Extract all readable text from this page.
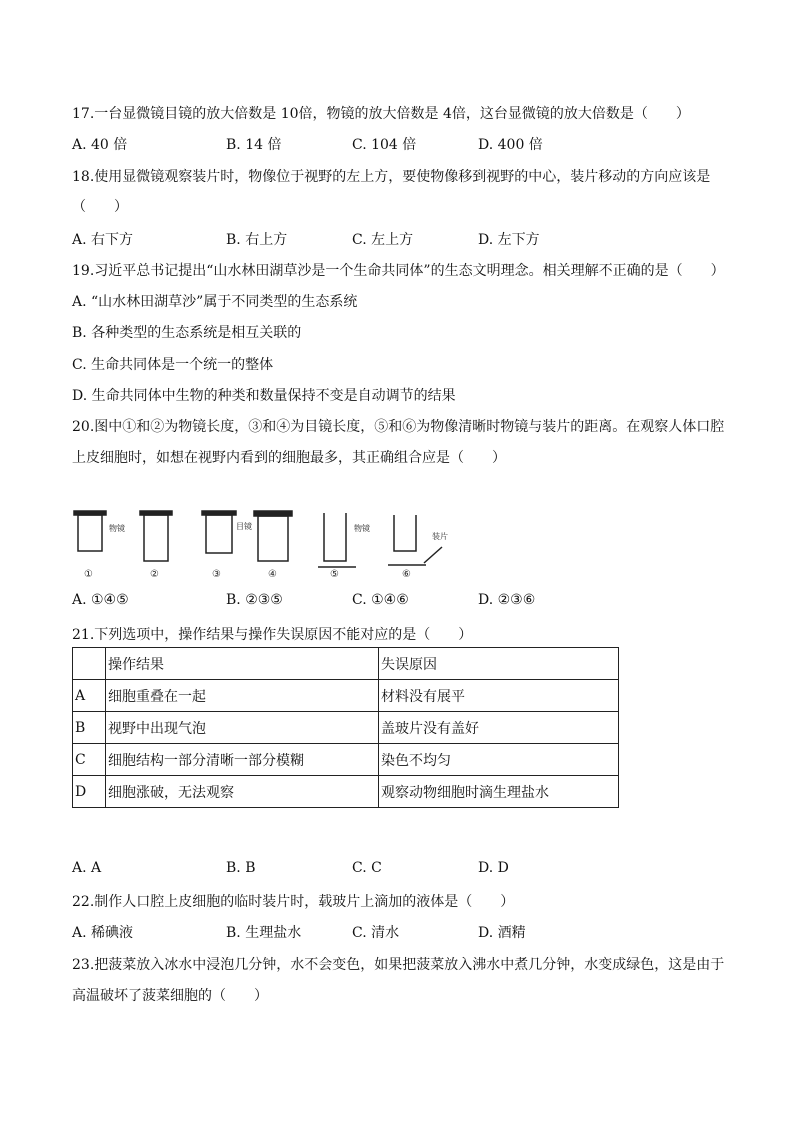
17.一台显微镜目镜的放大倍数是 10倍，物镜的放大倍数是 4倍，这台显微镜的放大倍数是（　　）
A. 40 倍	B. 14 倍	C. 104 倍	D. 400 倍
18.使用显微镜观察装片时，物像位于视野的左上方，要使物像移到视野的中心，装片移动的方向应该是
（　　）
A. 右下方	B. 右上方	C. 左上方	D. 左下方
19.习近平总书记提出“山水林田湖草沙是一个生命共同体”的生态文明理念。相关理解不正确的是（　　）
A. “山水林田湖草沙”属于不同类型的生态系统
B. 各种类型的生态系统是相互关联的
C. 生命共同体是一个统一的整体
D. 生命共同体中生物的种类和数量保持不变是自动调节的结果
20.图中①和②为物镜长度，③和④为目镜长度，⑤和⑥为物像清晰时物镜与装片的距离。在观察人体口腔
上皮细胞时，如想在视野内看到的细胞最多，其正确组合应是（　　）
物镜	目镜	物镜
装片
①	②	③	④	⑤	⑥
A. ①④⑤	B. ②③⑤	C. ①④⑥	D. ②③⑥
21.下列选项中，操作结果与操作失误原因不能对应的是（　　）
	操作结果	失误原因
A	细胞重叠在一起	材料没有展平
B	视野中出现气泡	盖玻片没有盖好
C	细胞结构一部分清晰一部分模糊	染色不均匀
D	细胞涨破，无法观察	观察动物细胞时滴生理盐水
A. A	B. B	C. C	D. D
22.制作人口腔上皮细胞的临时装片时，载玻片上滴加的液体是（　　）
A. 稀碘液	B. 生理盐水	C. 清水	D. 酒精
23.把菠菜放入冰水中浸泡几分钟，水不会变色，如果把菠菜放入沸水中煮几分钟，水变成绿色，这是由于
高温破坏了菠菜细胞的（　　）
